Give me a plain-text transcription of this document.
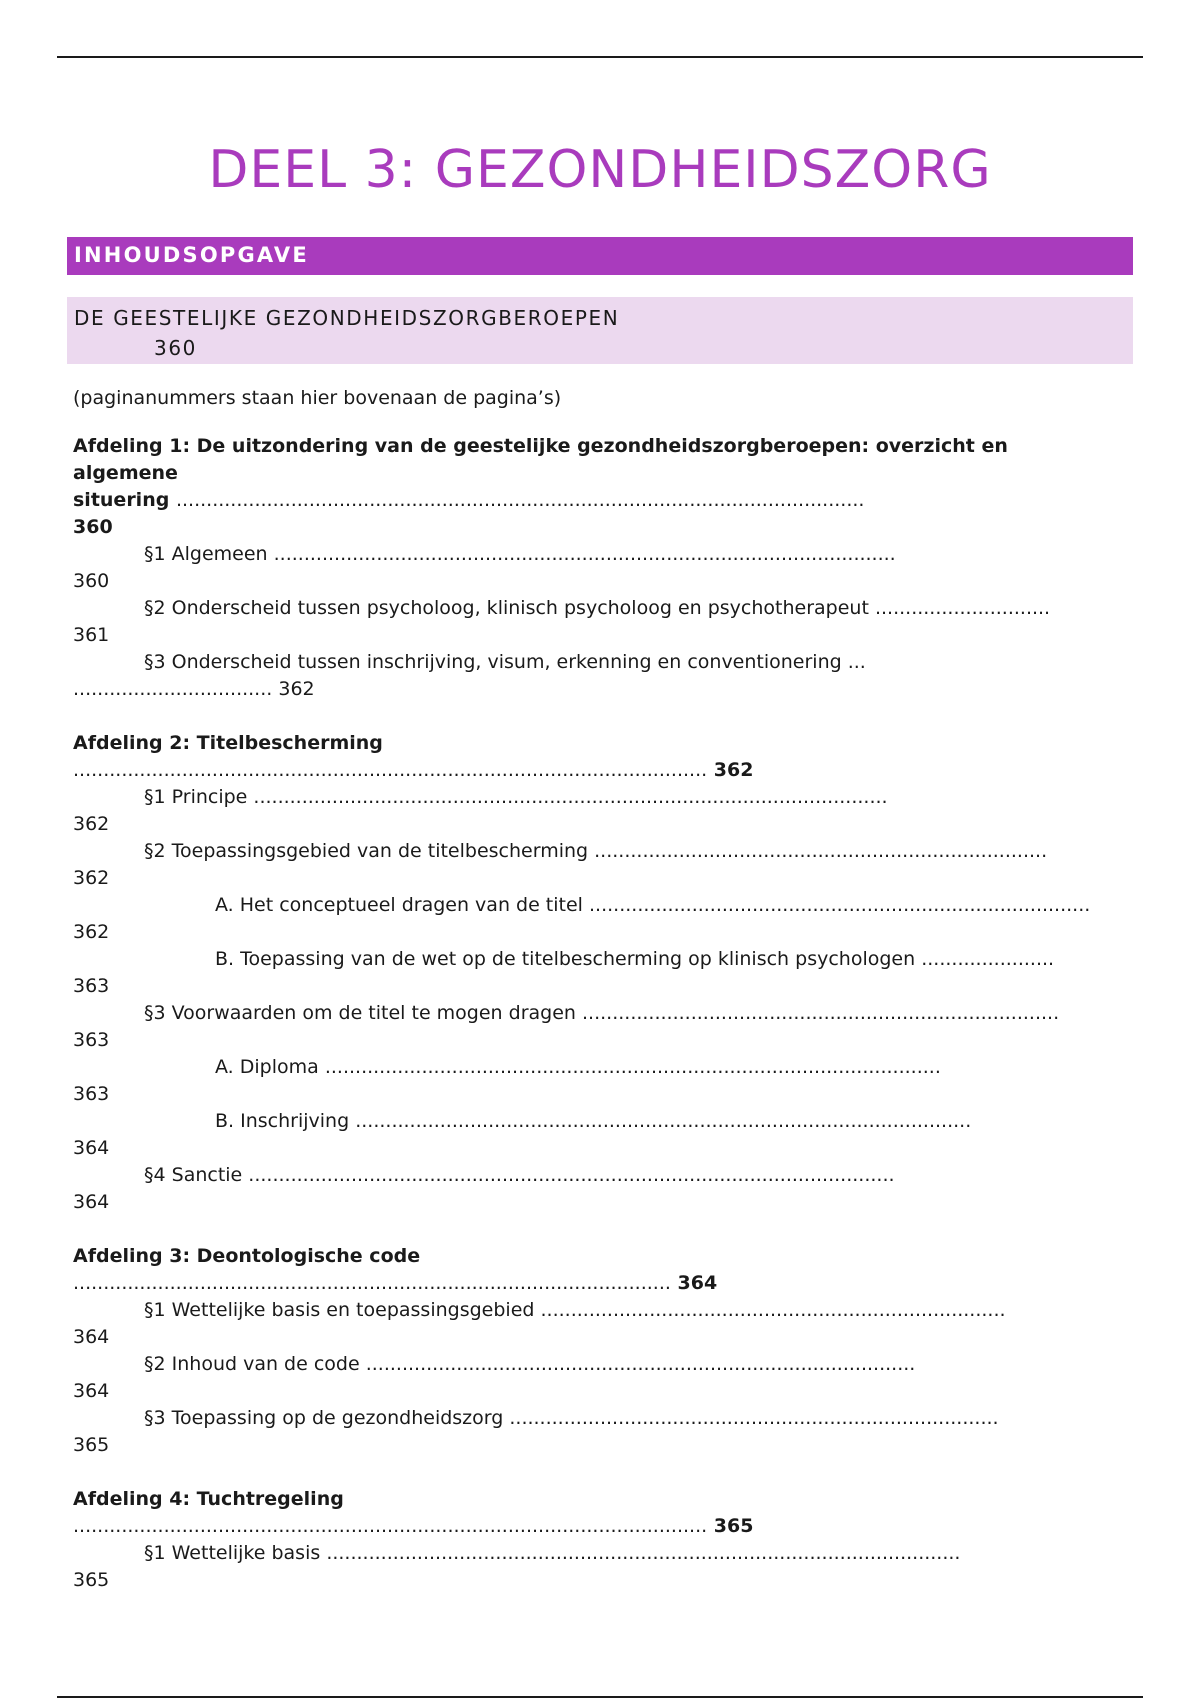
DEEL 3: GEZONDHEIDSZORG
INHOUDSOPGAVE
DE GEESTELIJKE GEZONDHEIDSZORGBEROEPEN
360
(paginanummers staan hier bovenaan de pagina’s)
Afdeling 1: De uitzondering van de geestelijke gezondheidszorgberoepen: overzicht en
algemene
situering ..................................................................................................................
360
§1 Algemeen .......................................................................................................
360
§2 Onderscheid tussen psycholoog, klinisch psycholoog en psychotherapeut .............................
361
§3 Onderscheid tussen inschrijving, visum, erkenning en conventionering ...
................................. 362
Afdeling 2: Titelbescherming
......................................................................................................... 362
§1 Principe .........................................................................................................
362
§2 Toepassingsgebied van de titelbescherming ...........................................................................
362
A. Het conceptueel dragen van de titel ...................................................................................
362
B. Toepassing van de wet op de titelbescherming op klinisch psychologen ......................
363
§3 Voorwaarden om de titel te mogen dragen ...............................................................................
363
A. Diploma ......................................................................................................
363
B. Inschrijving ......................................................................................................
364
§4 Sanctie ...........................................................................................................
364
Afdeling 3: Deontologische code
................................................................................................... 364
§1 Wettelijke basis en toepassingsgebied .............................................................................
364
§2 Inhoud van de code ...........................................................................................
364
§3 Toepassing op de gezondheidszorg .................................................................................
365
Afdeling 4: Tuchtregeling
......................................................................................................... 365
§1 Wettelijke basis .........................................................................................................
365
